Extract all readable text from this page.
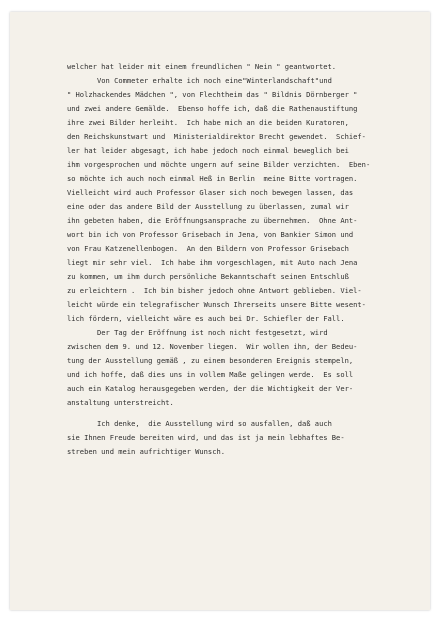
welcher hat leider mit einem freundlichen " Nein " geantwortet.
Von Commeter erhalte ich noch eine"Winterlandschaft"und
" Holzhackendes Mädchen ", von Flechtheim das " Bildnis Dörnberger "
und zwei andere Gemälde.  Ebenso hoffe ich, daß die Rathenaustiftung
ihre zwei Bilder herleiht.  Ich habe mich an die beiden Kuratoren,
den Reichskunstwart und  Ministerialdirektor Brecht gewendet.  Schief-
ler hat leider abgesagt, ich habe jedoch noch einmal beweglich bei
ihm vorgesprochen und möchte ungern auf seine Bilder verzichten.  Eben-
so möchte ich auch noch einmal Heß in Berlin  meine Bitte vortragen.
Vielleicht wird auch Professor Glaser sich noch bewegen lassen, das
eine oder das andere Bild der Ausstellung zu überlassen, zumal wir
ihn gebeten haben, die Eröffnungsansprache zu übernehmen.  Ohne Ant-
wort bin ich von Professor Grisebach in Jena, von Bankier Simon und
von Frau Katzenellenbogen.  An den Bildern von Professor Grisebach
liegt mir sehr viel.  Ich habe ihm vorgeschlagen, mit Auto nach Jena
zu kommen, um ihm durch persönliche Bekanntschaft seinen Entschluß
zu erleichtern .  Ich bin bisher jedoch ohne Antwort geblieben. Viel-
leicht würde ein telegrafischer Wunsch Ihrerseits unsere Bitte wesent-
lich fördern, vielleicht wäre es auch bei Dr. Schiefler der Fall.
Der Tag der Eröffnung ist noch nicht festgesetzt, wird
zwischen dem 9. und 12. November liegen.  Wir wollen ihn, der Bedeu-
tung der Ausstellung gemäß , zu einem besonderen Ereignis stempeln,
und ich hoffe, daß dies uns in vollem Maße gelingen werde.  Es soll
auch ein Katalog herausgegeben werden, der die Wichtigkeit der Ver-
anstaltung unterstreicht.
Ich denke,  die Ausstellung wird so ausfallen, daß auch
sie Ihnen Freude bereiten wird, und das ist ja mein lebhaftes Be-
streben und mein aufrichtiger Wunsch.
